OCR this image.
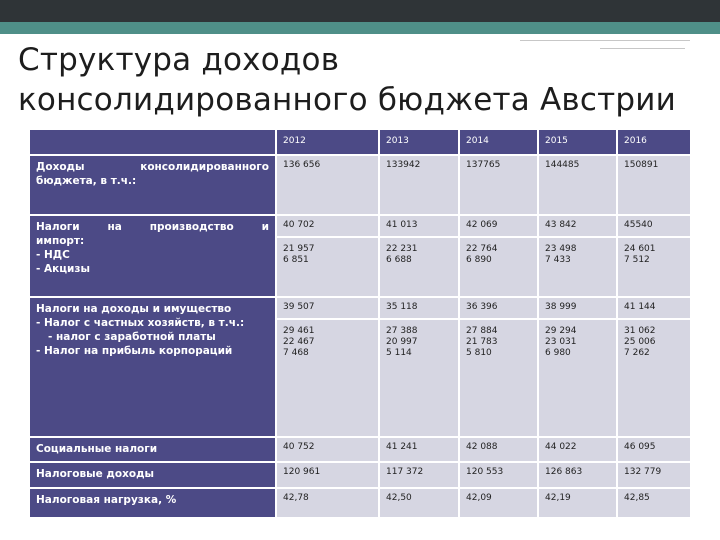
Структура доходов
консолидированного бюджета Австрии
	2012	2013	2014	2015	2016

Доходы консолидированного
бюджета, в т.ч.:	136 656	133942	137765	144485	150891

Налоги на производство и
импорт:
- НДС
- Акцизы	40 702	41 013	42 069	43 842	45540

	21 957
6 851	22 231
6 688	22 764
6 890	23 498
7 433	24 601
7 512

Налоги на доходы и имущество
- Налог с частных хозяйств, в т.ч.:
- налог с заработной платы
- Налог на прибыль корпораций	39 507	35 118	36 396	38 999	41 144

	29 461
22 467
7 468	27 388
20 997
5 114	27 884
21 783
5 810	29 294
23 031
6 980	31 062
25 006
7 262

Социальные налоги	40 752	41 241	42 088	44 022	46 095
Налоговые доходы	120 961	117 372	120 553	126 863	132 779
Налоговая нагрузка, %	42,78	42,50	42,09	42,19	42,85
